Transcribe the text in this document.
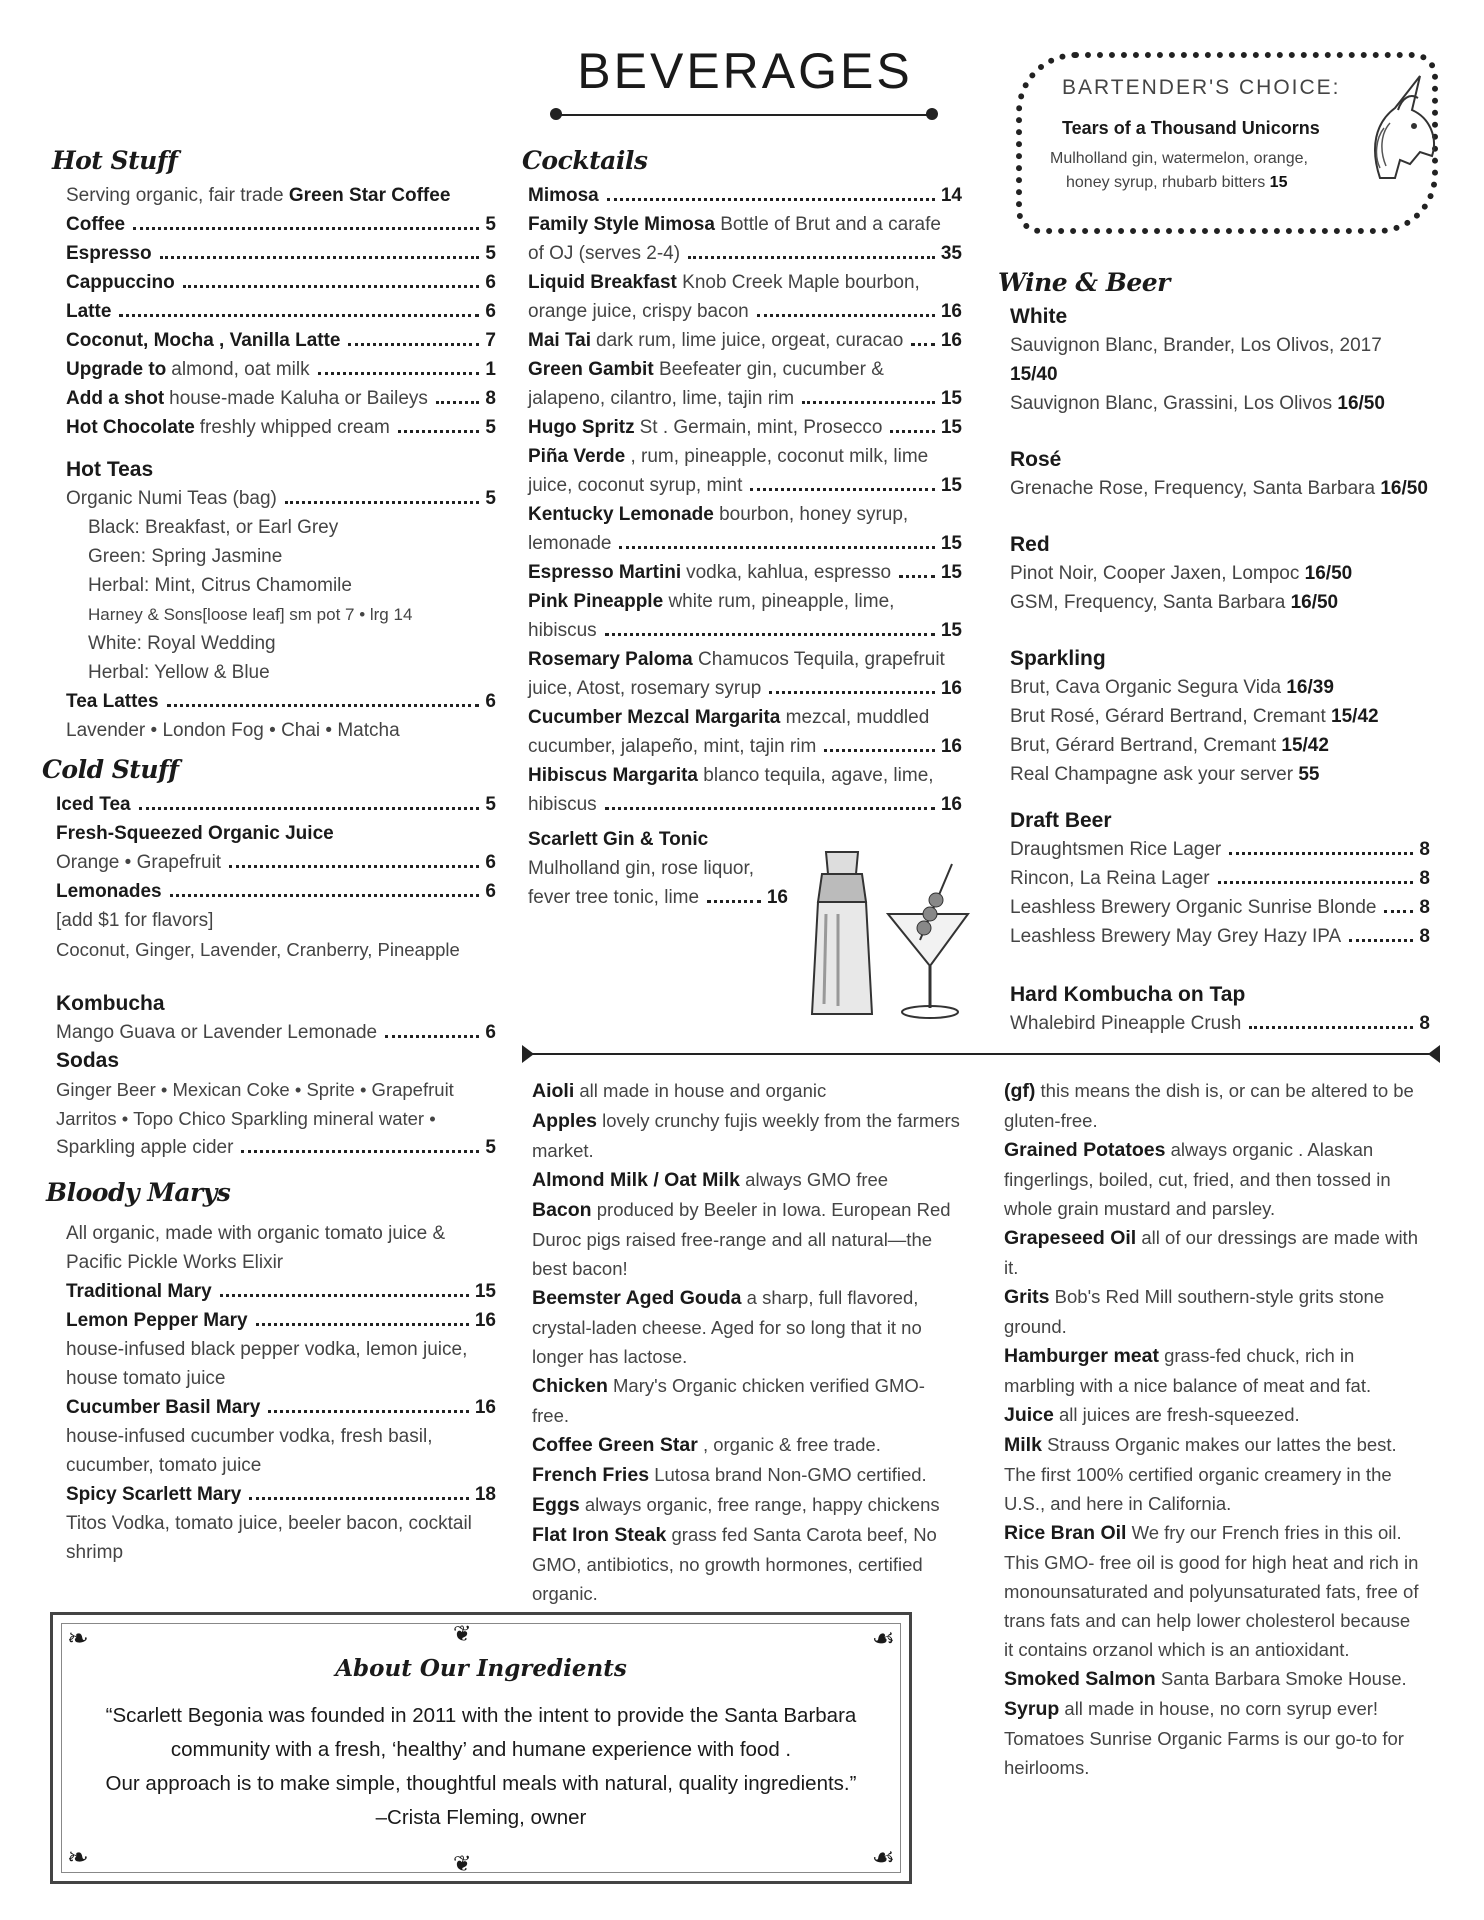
BEVERAGES	BARTENDER'S CHOICE:
Tears of a Thousand Unicorns
Mulholland gin, watermelon, orange,
honey syrup, rhubarb bitters 15
Hot Stuff
Serving organic, fair trade Green Star Coffee
Coffee	5
Espresso	5
Cappuccino	6
Latte	6
Coconut, Mocha , Vanilla Latte	7
Upgrade to almond, oat milk	1
Add a shot house-made Kaluha or Baileys	8
Hot Chocolate freshly whipped cream	5
Hot Teas
Organic Numi Teas (bag)	5
Black: Breakfast, or Earl Grey
Green: Spring Jasmine
Herbal: Mint, Citrus Chamomile
Harney & Sons[loose leaf] sm pot 7 • lrg 14
White: Royal Wedding
Herbal: Yellow & Blue
Tea Lattes	6
Lavender • London Fog • Chai • Matcha
Cold Stuff
Iced Tea	5
Fresh-Squeezed Organic Juice
Orange • Grapefruit	6
Lemonades	6
[add $1 for flavors]
Coconut, Ginger, Lavender, Cranberry, Pineapple
Kombucha
Mango Guava or Lavender Lemonade	6
Sodas
Ginger Beer • Mexican Coke • Sprite • Grapefruit
Jarritos • Topo Chico Sparkling mineral water •
Sparkling apple cider	5
Bloody Marys
All organic, made with organic tomato juice &
Pacific Pickle Works Elixir
Traditional Mary	15
Lemon Pepper Mary	16
house-infused black pepper vodka, lemon juice, house tomato juice
Cucumber Basil Mary	16
house-infused cucumber vodka, fresh basil, cucumber, tomato juice
Spicy Scarlett Mary	18
Titos Vodka, tomato juice, beeler bacon, cocktail shrimp
Cocktails
Mimosa	14
Family Style Mimosa Bottle of Brut and a carafe
of OJ (serves 2-4)	35
Liquid Breakfast Knob Creek Maple bourbon,
orange juice, crispy bacon	16
Mai Tai dark rum, lime juice, orgeat, curacao 16
Green Gambit Beefeater gin, cucumber &
jalapeno, cilantro, lime, tajin rim	15
Hugo Spritz St . Germain, mint, Prosecco	15
Piña Verde , rum, pineapple, coconut milk, lime
juice, coconut syrup, mint	15
Kentucky Lemonade bourbon, honey syrup,
lemonade	15
Espresso Martini vodka, kahlua, espresso	15
Pink Pineapple white rum, pineapple, lime,
hibiscus	15
Rosemary Paloma Chamucos Tequila, grapefruit
juice, Atost, rosemary syrup	16
Cucumber Mezcal Margarita mezcal, muddled
cucumber, jalapeño, mint, tajin rim	16
Hibiscus Margarita blanco tequila, agave, lime,
hibiscus	16
Scarlett Gin & Tonic
Mulholland gin, rose liquor,
fever tree tonic, lime	16
Wine & Beer
White
Sauvignon Blanc, Brander, Los Olivos, 2017 15/40
Sauvignon Blanc, Grassini, Los Olivos 16/50
Rosé
Grenache Rose, Frequency, Santa Barbara 16/50
Red
Pinot Noir, Cooper Jaxen, Lompoc 16/50
GSM, Frequency, Santa Barbara 16/50
Sparkling
Brut, Cava Organic Segura Vida 16/39
Brut Rosé, Gérard Bertrand, Cremant 15/42
Brut, Gérard Bertrand, Cremant 15/42
Real Champagne ask your server 55
Draft Beer
Draughtsmen Rice Lager	8
Rincon, La Reina Lager	8
Leashless Brewery Organic Sunrise Blonde 8
Leashless Brewery May Grey Hazy IPA	8
Hard Kombucha on Tap
Whalebird Pineapple Crush	8
Aioli all made in house and organic
Apples lovely crunchy fujis weekly from the farmers market.
Almond Milk / Oat Milk always GMO free
Bacon produced by Beeler in Iowa. European Red Duroc pigs raised free-range and all natural—the best bacon!
Beemster Aged Gouda a sharp, full flavored, crystal-laden cheese. Aged for so long that it no longer has lactose.
Chicken Mary's Organic chicken verified GMO-free.
Coffee Green Star , organic & free trade.
French Fries Lutosa brand Non-GMO certified.
Eggs always organic, free range, happy chickens
Flat Iron Steak grass fed Santa Carota beef, No GMO, antibiotics, no growth hormones, certified organic.
(gf) this means the dish is, or can be altered to be gluten-free.
Grained Potatoes always organic . Alaskan fingerlings, boiled, cut, fried, and then tossed in whole grain mustard and parsley.
Grapeseed Oil all of our dressings are made with it.
Grits Bob's Red Mill southern-style grits stone ground.
Hamburger meat grass-fed chuck, rich in marbling with a nice balance of meat and fat.
Juice all juices are fresh-squeezed.
Milk Strauss Organic makes our lattes the best. The first 100% certified organic creamery in the U.S., and here in California.
Rice Bran Oil We fry our French fries in this oil. This GMO- free oil is good for high heat and rich in monounsaturated and polyunsaturated fats, free of trans fats and can help lower cholesterol because it contains orzanol which is an antioxidant.
Smoked Salmon Santa Barbara Smoke House.
Syrup all made in house, no corn syrup ever!
Tomatoes Sunrise Organic Farms is our go-to for heirlooms.
❦
❦
❧	☙
❧	☙
About Our Ingredients
“Scarlett Begonia was founded in 2011 with the intent to provide the Santa Barbara
community with a fresh, ‘healthy’ and humane experience with food .
Our approach is to make simple, thoughtful meals with natural, quality ingredients.”
–Crista Fleming, owner
